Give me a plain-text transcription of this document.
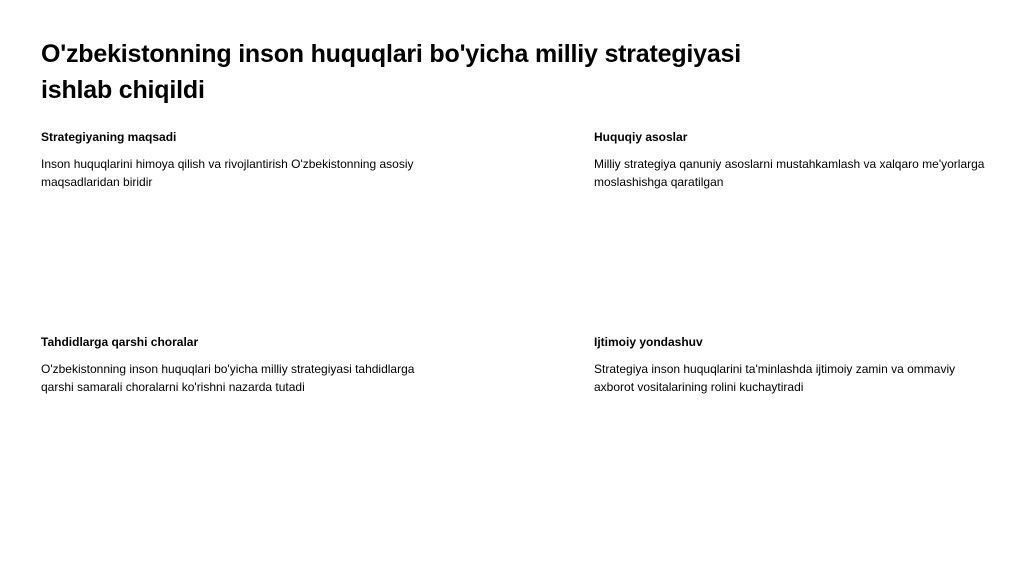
O'zbekistonning inson huquqlari bo'yicha milliy strategiyasi ishlab chiqildi

Strategiyaning maqsadi

Inson huquqlarini himoya qilish va rivojlantirish O'zbekistonning asosiy maqsadlaridan biridir

Huquqiy asoslar

Milliy strategiya qanuniy asoslarni mustahkamlash va xalqaro me'yorlarga moslashishga qaratilgan

Tahdidlarga qarshi choralar

O'zbekistonning inson huquqlari bo'yicha milliy strategiyasi tahdidlarga qarshi samarali choralarni ko'rishni nazarda tutadi

Ijtimoiy yondashuv

Strategiya inson huquqlarini ta'minlashda ijtimoiy zamin va ommaviy axborot vositalarining rolini kuchaytiradi
